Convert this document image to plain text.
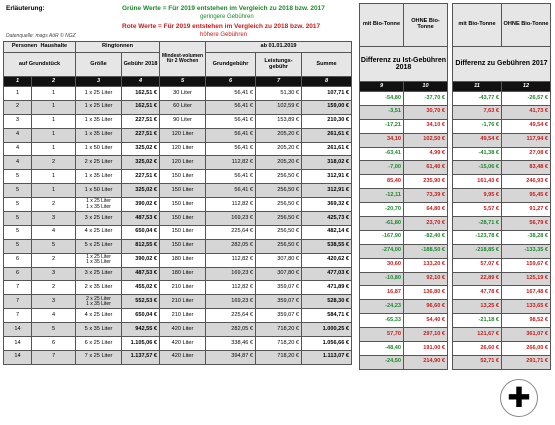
Erläuterung:	Grüne Werte = Für 2019 entstehen im Vergleich zu 2018 bzw. 2017
geringere Gebühren
Rote Werte = Für 2019 entstehen im Vergleich zu 2018 bzw. 2017
höhere Gebühren
Datenquelle: mags AöR © NGZ
Personen Haushalte		Ringtonnen		Mindest-volumen für 2 Wochen	ab 01.01.2019		
auf Grundstück		Größe	Gebühr 2018		Grundgebühr	Leistungs-gebühr	Summe
1	2	3	4	5	6	7	8
1	1	1 x 25 Liter	162,51 €	30 Liter	56,41 €	51,30 €	107,71 €
2	1	1 x 25 Liter	162,51 €	60 Liter	56,41 €	102,59 €	159,00 €
3	1	1 x 35 Liter	227,51 €	90 Liter	56,41 €	153,89 €	210,30 €
4	1	1 x 35 Liter	227,51 €	120 Liter	56,41 €	205,20 €	261,61 €
4	1	1 x 50 Liter	325,02 €	120 Liter	56,41 €	205,20 €	261,61 €
4	2	2 x 25 Liter	325,02 €	120 Liter	112,82 €	205,20 €	318,02 €
5	1	1 x 35 Liter	227,51 €	150 Liter	56,41 €	256,50 €	312,91 €
5	1	1 x 50 Liter	325,02 €	150 Liter	56,41 €	256,50 €	312,91 €
5	2	1 x 25 Liter
1 x 35 Liter	390,02 €	150 Liter	112,82 €	256,50 €	369,32 €
5	3	3 x 25 Liter	487,53 €	150 Liter	169,23 €	256,50 €	425,73 €
5	4	4 x 25 Liter	650,04 €	150 Liter	225,64 €	256,50 €	482,14 €
5	5	5 x 25 Liter	812,55 €	150 Liter	282,05 €	256,50 €	538,55 €
6	2	1 x 25 Liter
1 x 35 Liter	390,02 €	180 Liter	112,82 €	307,80 €	420,62 €
6	3	3 x 25 Liter	487,53 €	180 Liter	169,23 €	307,80 €	477,03 €
7	2	2 x 35 Liter	455,02 €	210 Liter	112,82 €	359,07 €	471,89 €
7	3	2 x 25 Liter
1 x 35 Liter	552,53 €	210 Liter	169,23 €	359,07 €	528,30 €
7	4	4 x 25 Liter	650,04 €	210 Liter	225,64 €	359,07 €	584,71 €
14	5	5 x 35 Liter	942,55 €	420 Liter	282,05 €	718,20 €	1.000,25 €
14	6	6 x 25 Liter	1.105,06 €	420 Liter	338,46 €	718,20 €	1.056,66 €
14	7	7 x 25 Liter	1.137,57 €	420 Liter	394,87 €	718,20 €	1.113,07 €
mit Bio-Tonne	OHNE Bio-Tonne
Differenz zu Ist-Gebühren 2018	
9	10
-54,80	-37,70 €
-3,51	30,70 €
-17,21	34,10 €
34,10	102,50 €
-63,41	4,99 €
-7,00	61,40 €
85,40	235,90 €
-12,11	73,39 €
-20,70	64,80 €
-61,80	23,70 €
-167,90	-82,40 €
-274,00	-188,50 €
30,60	133,20 €
-10,80	92,10 €
16,87	136,80 €
-24,23	96,60 €
-65,33	54,40 €
57,70	297,10 €
-48,40	191,00 €
-24,50	214,90 €
mit Bio-Tonne	OHNE Bio-Tonne
Differenz zu Gebühren 2017	
11	12
-43,77 €	-26,57 €
7,63 €	41,73 €
-1,76 €	49,54 €
49,54 €	117,94 €
-41,38 €	27,08 €
-15,06 €	83,48 €
161,43 €	246,93 €
9,95 €	95,45 €
5,57 €	91,27 €
-28,71 €	56,79 €
-123,78 €	-38,28 €
-218,85 €	-133,35 €
57,07 €	159,67 €
22,89 €	125,19 €
47,78 €	167,48 €
13,25 €	133,65 €
-21,18 €	98,52 €
121,67 €	361,07 €
26,60 €	266,00 €
52,71 €	291,71 €
✚
